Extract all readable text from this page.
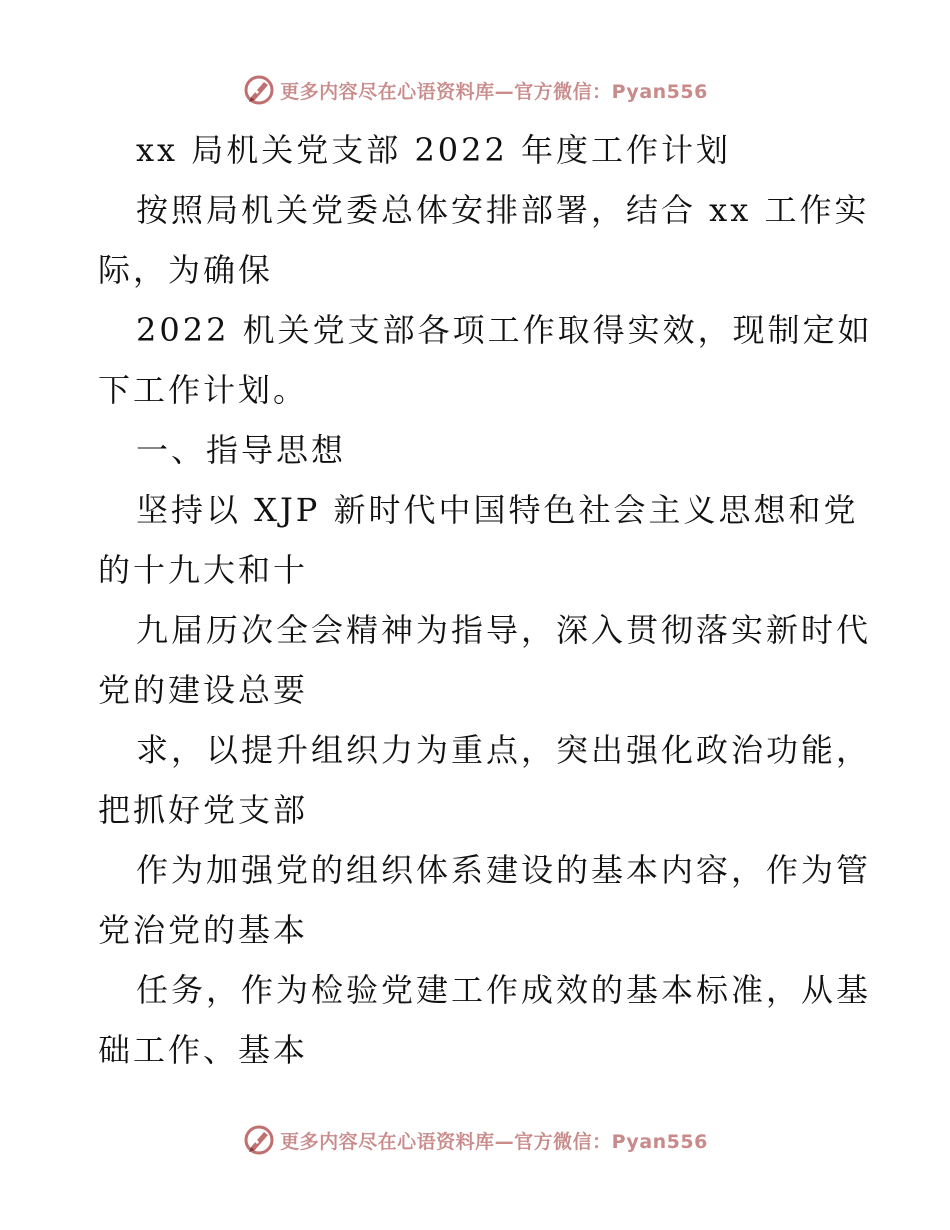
更多内容尽在心语资料库—官方微信：Pyan556
xx 局机关党支部 2022 年度工作计划
按照局机关党委总体安排部署，结合 xx 工作实
际，为确保
2022 机关党支部各项工作取得实效，现制定如
下工作计划。
一、指导思想
坚持以 XJP 新时代中国特色社会主义思想和党
的十九大和十
九届历次全会精神为指导，深入贯彻落实新时代
党的建设总要
求，以提升组织力为重点，突出强化政治功能，
把抓好党支部
作为加强党的组织体系建设的基本内容，作为管
党治党的基本
任务，作为检验党建工作成效的基本标准，从基
础工作、基本
更多内容尽在心语资料库—官方微信：Pyan556
